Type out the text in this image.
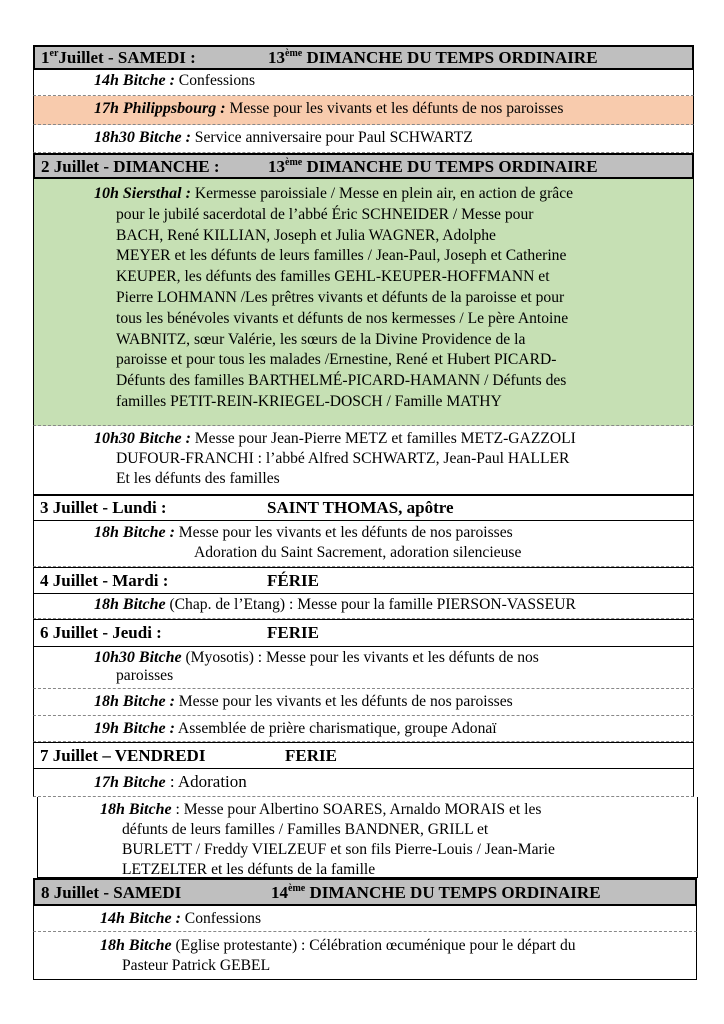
1erJuillet - SAMEDI :	13ème DIMANCHE DU TEMPS ORDINAIRE
14h Bitche : Confessions
17h Philippsbourg : Messe pour les vivants et les défunts de nos paroisses
18h30 Bitche : Service anniversaire pour Paul SCHWARTZ
2 Juillet - DIMANCHE :	13ème DIMANCHE DU TEMPS ORDINAIRE
10h Siersthal : Kermesse paroissiale / Messe en plein air, en action de grâce
pour le jubilé sacerdotal de l’abbé Éric SCHNEIDER / Messe pour
BACH, René KILLIAN, Joseph et Julia WAGNER, Adolphe
MEYER et les défunts de leurs familles / Jean-Paul, Joseph et Catherine
KEUPER, les défunts des familles GEHL-KEUPER-HOFFMANN et
Pierre LOHMANN /Les prêtres vivants et défunts de la paroisse et pour
tous les bénévoles vivants et défunts de nos kermesses / Le père Antoine
WABNITZ, sœur Valérie, les sœurs de la Divine Providence de la
paroisse et pour tous les malades /Ernestine, René et Hubert PICARD-
Défunts des familles BARTHELMÉ-PICARD-HAMANN / Défunts des
familles PETIT-REIN-KRIEGEL-DOSCH / Famille MATHY
10h30 Bitche : Messe pour Jean-Pierre METZ et familles METZ-GAZZOLI
DUFOUR-FRANCHI : l’abbé Alfred SCHWARTZ, Jean-Paul HALLER
Et les défunts des familles
3 Juillet - Lundi :	SAINT THOMAS, apôtre
18h Bitche : Messe pour les vivants et les défunts de nos paroisses
Adoration du Saint Sacrement, adoration silencieuse
4 Juillet - Mardi :	FÉRIE
18h Bitche (Chap. de l’Etang) : Messe pour la famille PIERSON-VASSEUR
6 Juillet - Jeudi :	FERIE
10h30 Bitche (Myosotis) : Messe pour les vivants et les défunts de nos
paroisses
18h Bitche : Messe pour les vivants et les défunts de nos paroisses
19h Bitche : Assemblée de prière charismatique, groupe Adonaï
7 Juillet – VENDREDI	FERIE
17h Bitche : Adoration
18h Bitche : Messe pour Albertino SOARES, Arnaldo MORAIS et les
défunts de leurs familles / Familles BANDNER, GRILL et
BURLETT / Freddy VIELZEUF et son fils Pierre-Louis / Jean-Marie
LETZELTER et les défunts de la famille
8 Juillet - SAMEDI	14ème DIMANCHE DU TEMPS ORDINAIRE
14h Bitche : Confessions
18h Bitche (Eglise protestante) : Célébration œcuménique pour le départ du
Pasteur Patrick GEBEL
